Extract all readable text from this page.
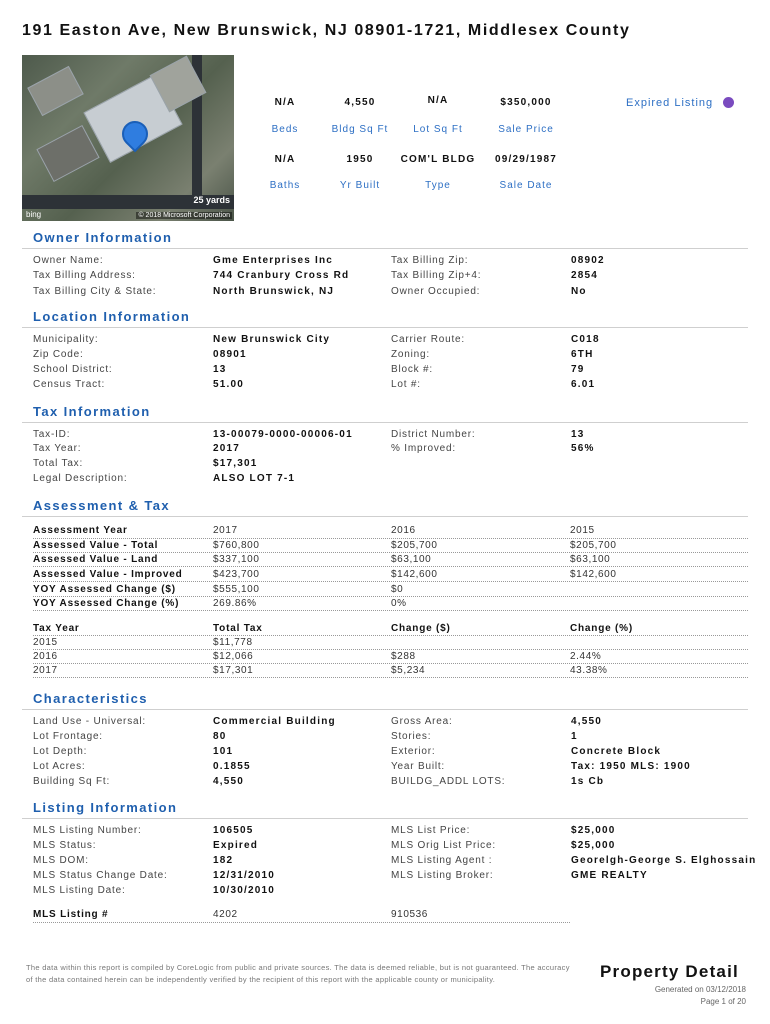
191 Easton Ave, New Brunswick, NJ 08901-1721, Middlesex County
25 yards
bing	© 2018 Microsoft Corporation
N/A	4,550	N/A	$350,000
Beds	Bldg Sq Ft	Lot Sq Ft	Sale Price
N/A	1950	COM'L BLDG	09/29/1987
Baths	Yr Built	Type	Sale Date
Expired Listing
Owner Information
Owner Name:	Gme Enterprises Inc
Tax Billing Address:	744 Cranbury Cross Rd
Tax Billing City & State:	North Brunswick, NJ
Tax Billing Zip:	08902
Tax Billing Zip+4:	2854
Owner Occupied:	No
Location Information
Municipality:	New Brunswick City
Zip Code:	08901
School District:	13
Census Tract:	51.00
Carrier Route:	C018
Zoning:	6TH
Block #:	79
Lot #:	6.01
Tax Information
Tax-ID:	13-00079-0000-00006-01
Tax Year:	2017
Total Tax:	$17,301
Legal Description:	ALSO LOT 7-1
District Number:	13
% Improved:	56%
Assessment & Tax
Assessment Year	2017	2016	2015
Assessed Value - Total	$760,800	$205,700	$205,700
Assessed Value - Land	$337,100	$63,100	$63,100
Assessed Value - Improved	$423,700	$142,600	$142,600
YOY Assessed Change ($)	$555,100	$0
YOY Assessed Change (%)	269.86%	0%
Tax Year	Total Tax	Change ($)	Change (%)
2015	$11,778
2016	$12,066	$288	2.44%
2017	$17,301	$5,234	43.38%
Characteristics
Land Use - Universal:	Commercial Building
Lot Frontage:	80
Lot Depth:	101
Lot Acres:	0.1855
Building Sq Ft:	4,550
Gross Area:	4,550
Stories:	1
Exterior:	Concrete Block
Year Built:	Tax: 1950 MLS: 1900
BUILDG_ADDL LOTS:	1s Cb
Listing Information
MLS Listing Number:	106505
MLS Status:	Expired
MLS DOM:	182
MLS Status Change Date:	12/31/2010
MLS Listing Date:	10/30/2010
MLS List Price:	$25,000
MLS Orig List Price:	$25,000
MLS Listing Agent :	Georelgh-George S. Elghossain
MLS Listing Broker:	GME REALTY
MLS Listing #	4202	910536
The data within this report is compiled by CoreLogic from public and private sources. The data is deemed reliable, but is not guaranteed. The accuracy of the data contained herein can be independently verified by the recipient of this report with the applicable county or municipality.	Property Detail
Generated on 03/12/2018
Page 1 of 20
